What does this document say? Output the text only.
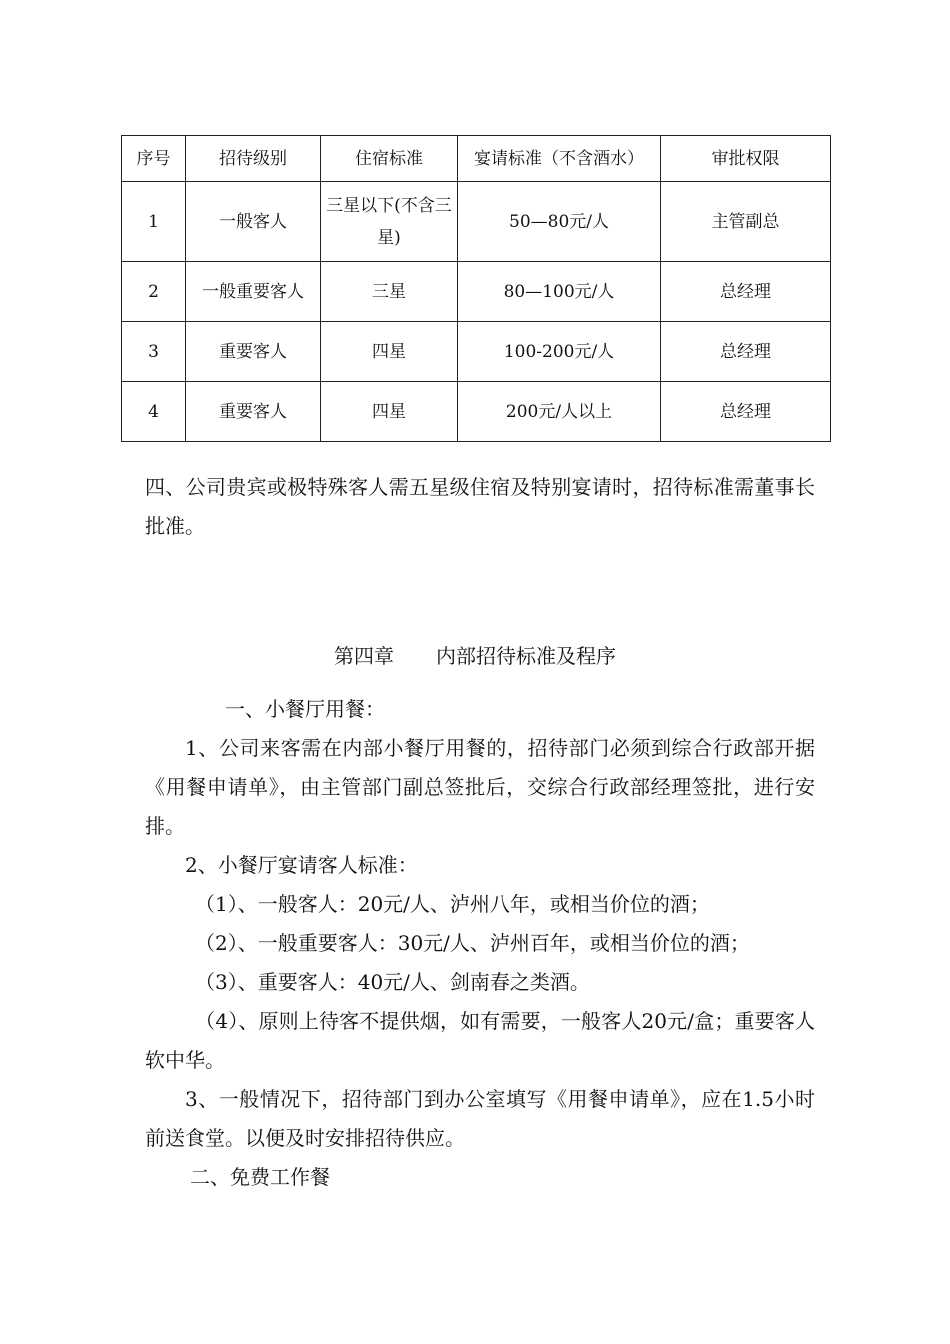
序号	招待级别	住宿标准	宴请标准（不含酒水）	审批权限
1	一般客人	三星以下(不含三星)	50—80元/人	主管副总
2	一般重要客人	三星	80—100元/人	总经理
3	重要客人	四星	100-200元/人	总经理
4	重要客人	四星	200元/人以上	总经理
四、公司贵宾或极特殊客人需五星级住宿及特别宴请时，招待标准需董事长批准。
第四章 内部招待标准及程序
一、小餐厅用餐：
1、公司来客需在内部小餐厅用餐的，招待部门必须到综合行政部开据《用餐申请单》，由主管部门副总签批后，交综合行政部经理签批，进行安排。
2、小餐厅宴请客人标准：
（1）、一般客人：20元/人、泸州八年，或相当价位的酒；
（2）、一般重要客人：30元/人、泸州百年，或相当价位的酒；
（3）、重要客人：40元/人、剑南春之类酒。
（4）、原则上待客不提供烟，如有需要，一般客人20元/盒；重要客人软中华。
3、一般情况下，招待部门到办公室填写《用餐申请单》，应在1.5小时前送食堂。以便及时安排招待供应。
二、免费工作餐
